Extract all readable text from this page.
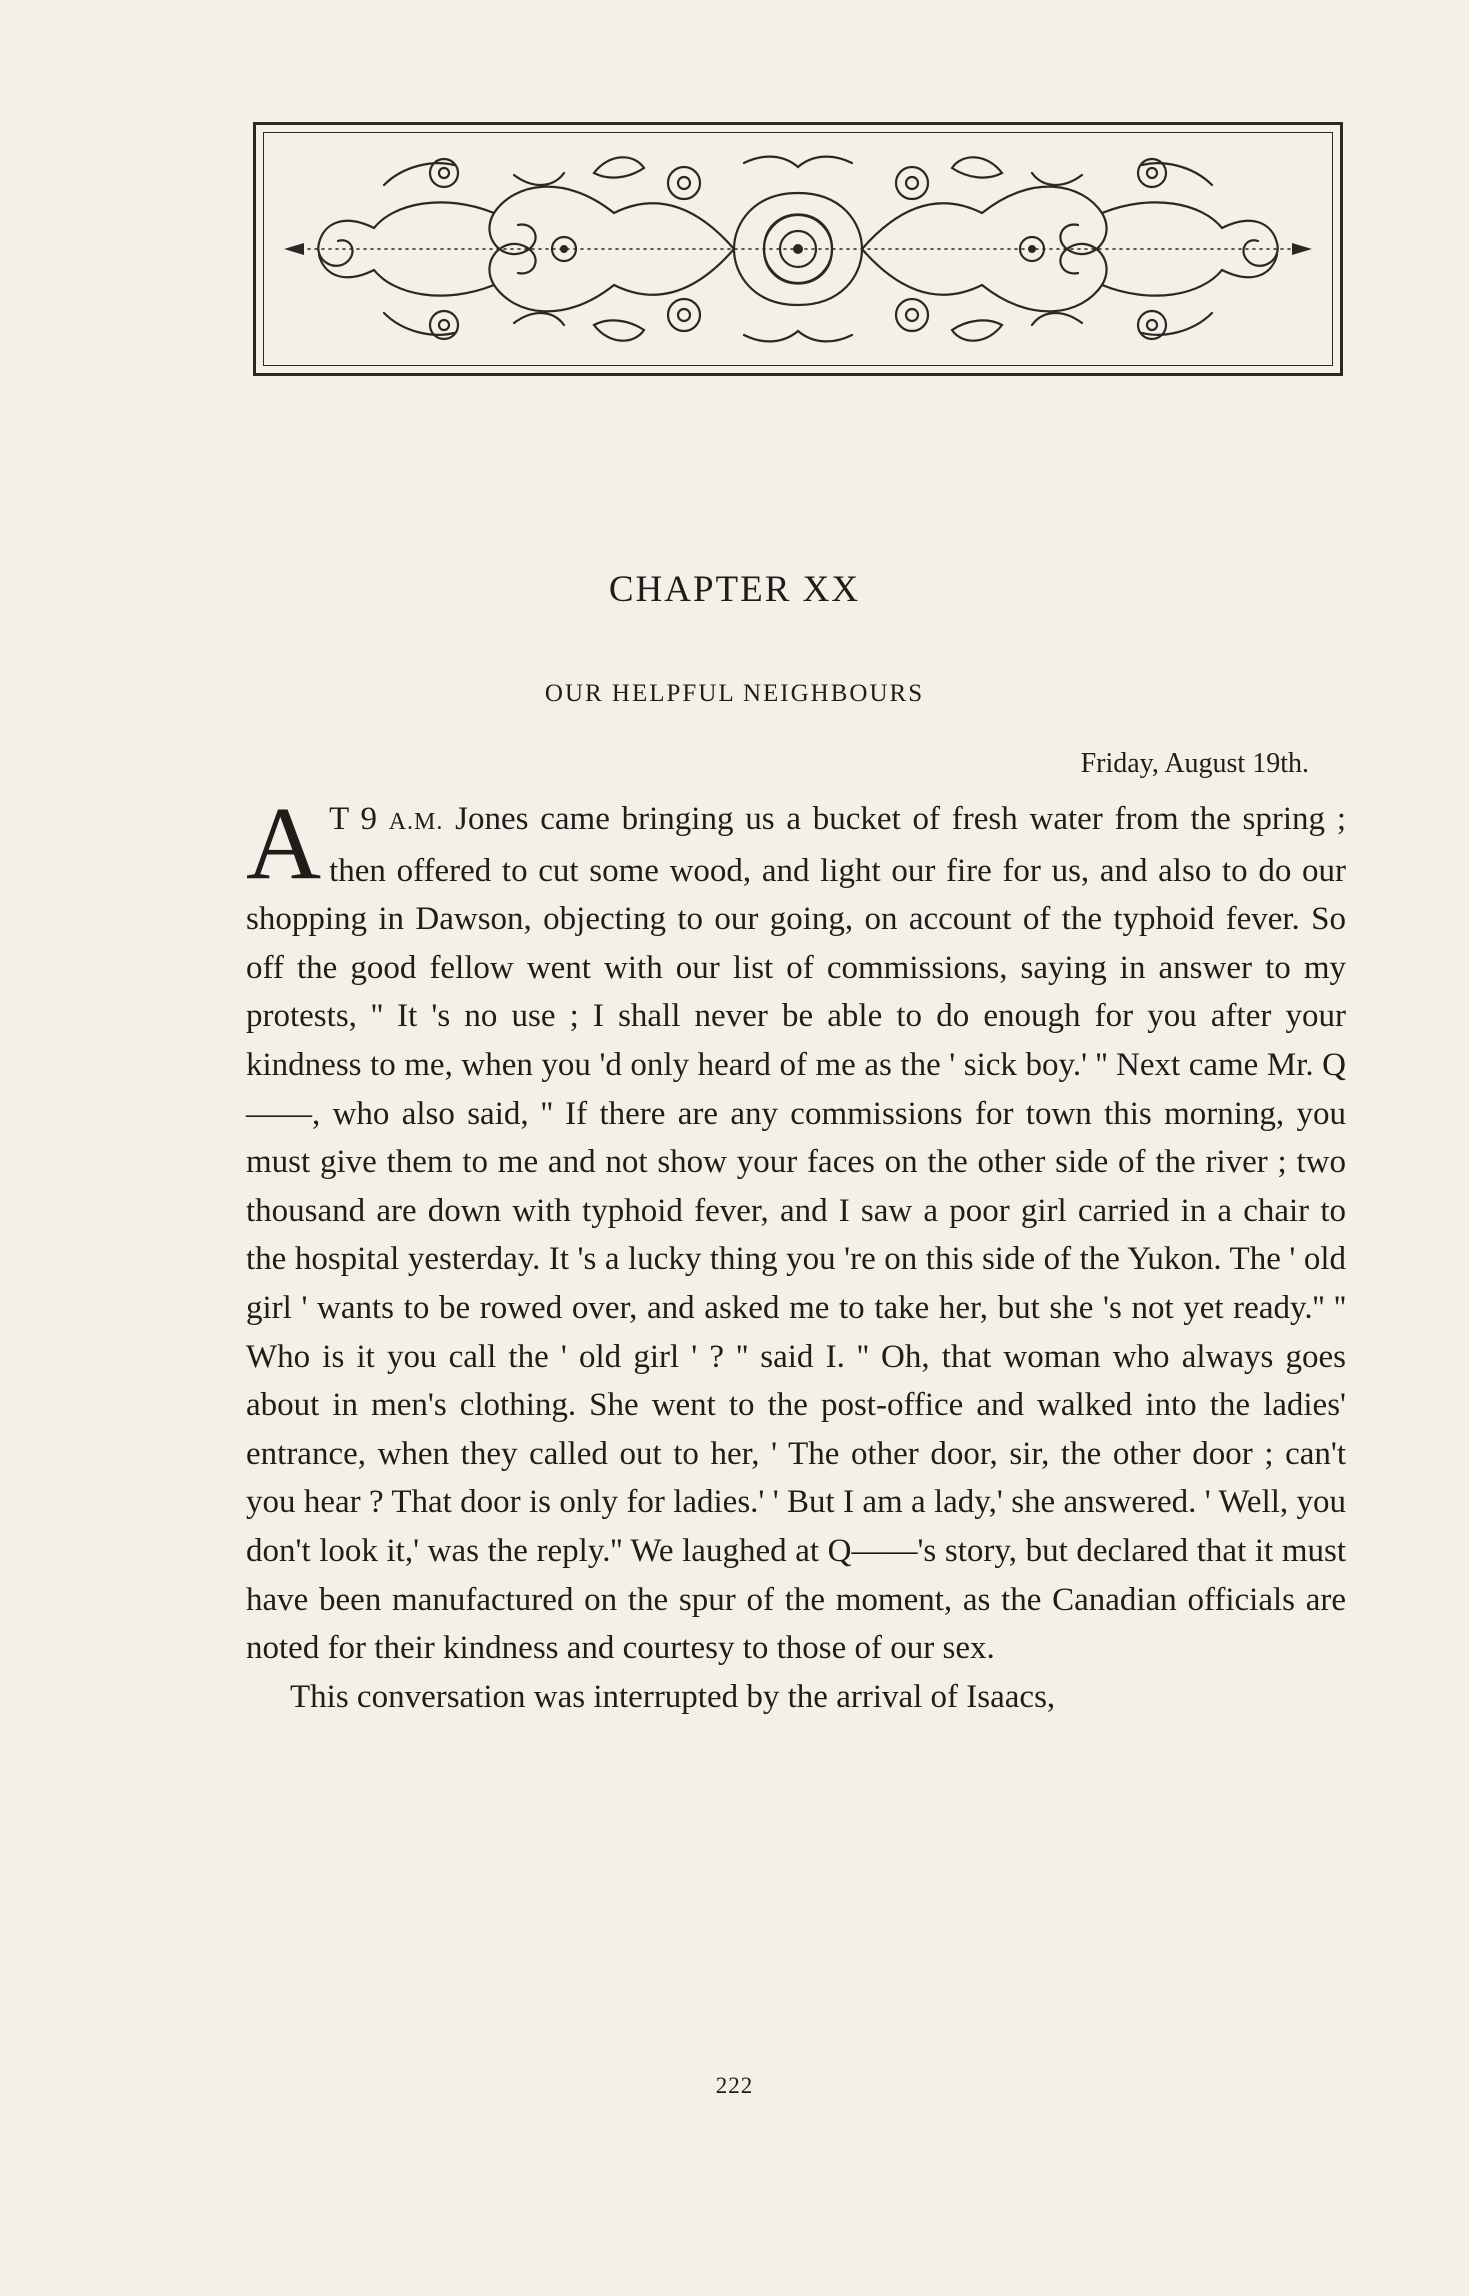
CHAPTER XX
OUR HELPFUL NEIGHBOURS

Friday, August 19th.

A T 9 A.M. Jones came bringing us a bucket of fresh water from the spring ; then offered to cut some wood, and light our fire for us, and also to do our shopping in Dawson, objecting to our going, on account of the typhoid fever. So off the good fellow went with our list of commissions, saying in answer to my protests, '' It 's no use ; I shall never be able to do enough for you after your kindness to me, when you 'd only heard of me as the ' sick boy.' '' Next came Mr. Q——, who also said, '' If there are any commissions for town this morning, you must give them to me and not show your faces on the other side of the river ; two thousand are down with typhoid fever, and I saw a poor girl carried in a chair to the hospital yesterday. It 's a lucky thing you 're on this side of the Yukon. The ' old girl ' wants to be rowed over, and asked me to take her, but she 's not yet ready.'' '' Who is it you call the ' old girl ' ? '' said I. '' Oh, that woman who always goes about in men's clothing. She went to the post-office and walked into the ladies' entrance, when they called out to her, ' The other door, sir, the other door ; can't you hear ? That door is only for ladies.' ' But I am a lady,' she answered. ' Well, you don't look it,' was the reply.'' We laughed at Q——'s story, but declared that it must have been manufactured on the spur of the moment, as the Canadian officials are noted for their kindness and courtesy to those of our sex.

This conversation was interrupted by the arrival of Isaacs,

222
